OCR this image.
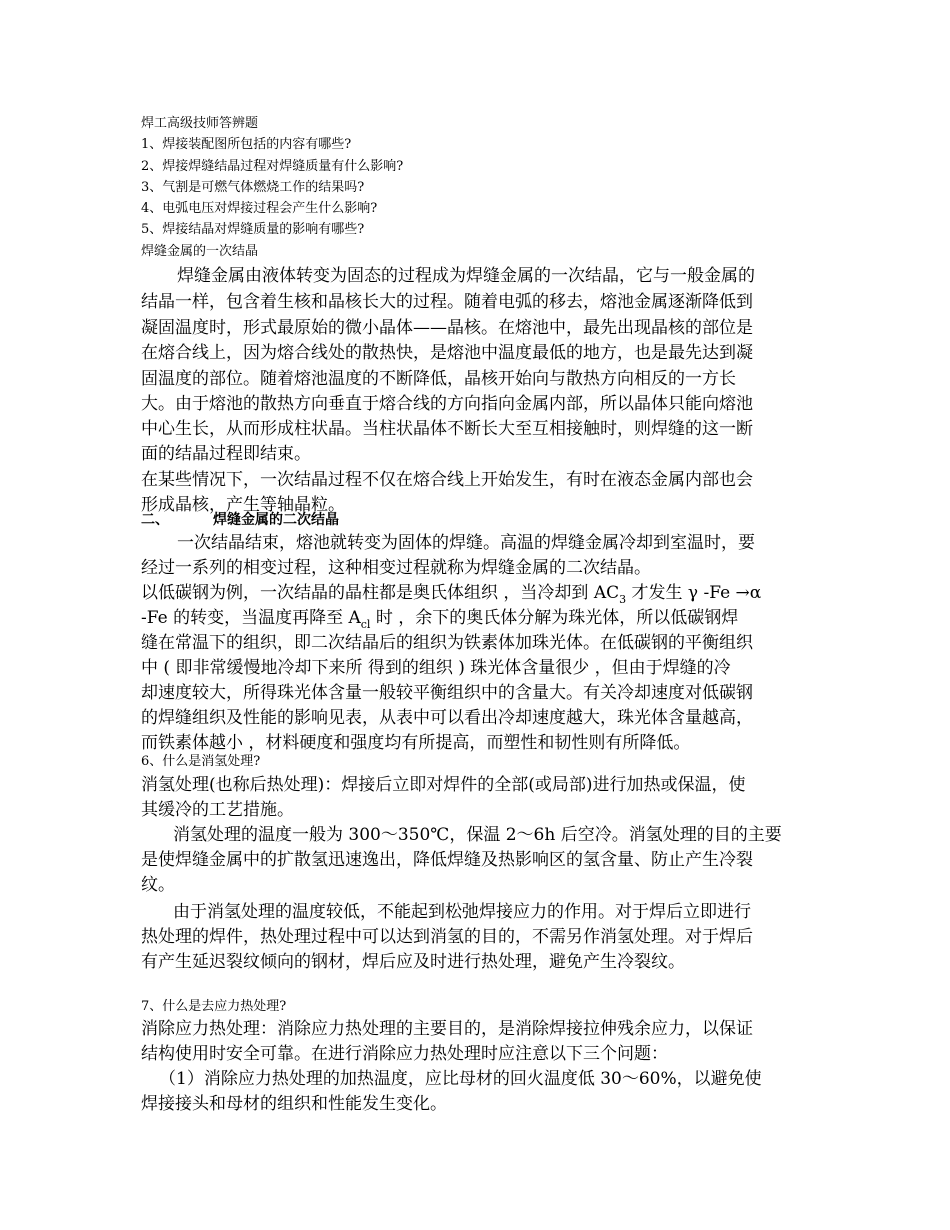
焊工高级技师答辨题
1、焊接装配图所包括的内容有哪些?
2、焊接焊缝结晶过程对焊缝质量有什么影响?
3、气割是可燃气体燃烧工作的结果吗?
4、电弧电压对焊接过程会产生什么影响?
5、焊接结晶对焊缝质量的影响有哪些?
焊缝金属的一次结晶
焊缝金属由液体转变为固态的过程成为焊缝金属的一次结晶，它与一般金属的
结晶一样，包含着生核和晶核长大的过程。随着电弧的移去，熔池金属逐渐降低到
凝固温度时，形式最原始的微小晶体——晶核。在熔池中，最先出现晶核的部位是
在熔合线上，因为熔合线处的散热快，是熔池中温度最低的地方，也是最先达到凝
固温度的部位。随着熔池温度的不断降低，晶核开始向与散热方向相反的一方长
大。由于熔池的散热方向垂直于熔合线的方向指向金属内部，所以晶体只能向熔池
中心生长，从而形成柱状晶。当柱状晶体不断长大至互相接触时，则焊缝的这一断
面的结晶过程即结束。
在某些情况下，一次结晶过程不仅在熔合线上开始发生，有时在液态金属内部也会
形成晶核，产生等轴晶粒。
二、	焊缝金属的二次结晶
一次结晶结束，熔池就转变为固体的焊缝。高温的焊缝金属冷却到室温时，要
经过一系列的相变过程，这种相变过程就称为焊缝金属的二次结晶。
以低碳钢为例，一次结晶的晶柱都是奥氏体组织 ，当冷却到 $AC_3$ 才发生 γ -Fe →α
-Fe 的转变，当温度再降至 $A_{cl}$ 时 ，余下的奥氏体分解为珠光体，所以低碳钢焊
缝在常温下的组织，即二次结晶后的组织为铁素体加珠光体。在低碳钢的平衡组织
中 ( 即非常缓慢地冷却下来所 得到的组织 ) 珠光体含量很少 ，但由于焊缝的冷
却速度较大，所得珠光体含量一般较平衡组织中的含量大。有关冷却速度对低碳钢
的焊缝组织及性能的影响见表，从表中可以看出冷却速度越大，珠光体含量越高，
而铁素体越小 ，材料硬度和强度均有所提高，而塑性和韧性则有所降低。
6、什么是消氢处理?
消氢处理(也称后热处理)：焊接后立即对焊件的全部(或局部)进行加热或保温，使
其缓冷的工艺措施。
消氢处理的温度一般为 300～350℃，保温 2～6h 后空冷。消氢处理的目的主要
是使焊缝金属中的扩散氢迅速逸出，降低焊缝及热影响区的氢含量、防止产生冷裂
纹。
由于消氢处理的温度较低，不能起到松弛焊接应力的作用。对于焊后立即进行
热处理的焊件，热处理过程中可以达到消氢的目的，不需另作消氢处理。对于焊后
有产生延迟裂纹倾向的钢材，焊后应及时进行热处理，避免产生冷裂纹。
7、什么是去应力热处理?
消除应力热处理：消除应力热处理的主要目的，是消除焊接拉伸残余应力，以保证
结构使用时安全可靠。在进行消除应力热处理时应注意以下三个问题：
（1）消除应力热处理的加热温度，应比母材的回火温度低 30～60%，以避免使
焊接接头和母材的组织和性能发生变化。
